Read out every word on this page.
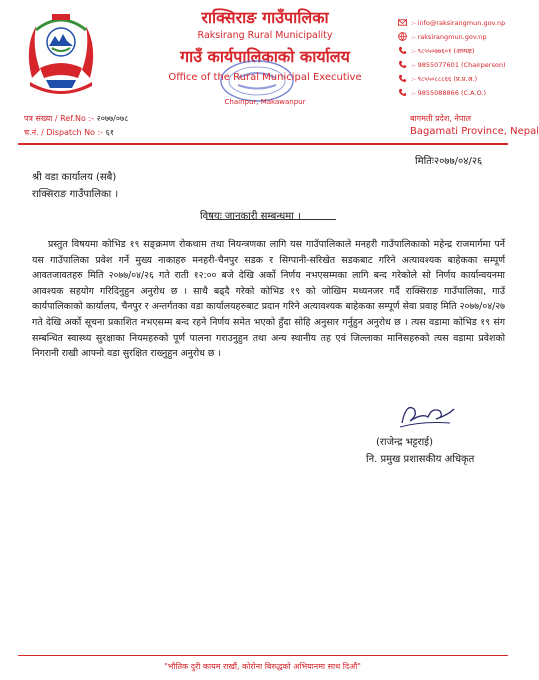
राक्सिराङ गाउँपालिका
Raksirang Rural Municipality
गाउँ कार्यपालिकाको कार्यालय
Office of the Rural Municipal Executive
Chainpur, Makawanpur
:- info@raksirangmun.gov.np
:- raksirangmun.gov.np
:- ९८५५०७७६०१ (अध्यक्ष)
:- 9855077601 (Chairperson)
:- ९८५५०८८८६६ (प्र.प्र.अ.)
:- 9855088866 (C.A.O.)
पत्र संख्या / Ref.No :- २०७७/०७८
च.नं. / Dispatch No :- ६१
बागमती प्रदेश, नेपाल
Bagamati Province, Nepal
मितिः२०७७/०४/२६
श्री वडा कार्यालय (सबै)
राक्सिराङ गाउँपालिका ।
विषयः जानकारी सम्बन्धमा ।
प्रस्तुत विषयमा कोभिड १९ सङ्क्रमण रोकथाम तथा नियन्त्रणका लागि यस गाउँपालिकाले मनहरी गाउँपालिकाको महेन्द्र राजमार्गमा पर्ने यस गाउँपालिका प्रवेश गर्ने मुख्य नाकाहरु मनहरी-चैनपुर सडक र सिग्पानी-सरिखेत सडकबाट गरिने अत्यावश्यक बाहेकका सम्पूर्ण आवतजावतहरु मिति २०७७/०४/२६ गते राती १२:०० बजे देखि अर्को निर्णय नभएसम्मका लागि बन्द गरेकोले सो निर्णय कार्यान्वयनमा आवश्यक सहयोग गरिदिनुहुन अनुरोध छ । साथै बढ्दै गरेको कोभिड १९ को जोखिम मध्यनजर गर्दै राक्सिराङ गाउँपालिका, गाउँ कार्यपालिकाको कार्यालय, चैनपुर र अन्तर्गतका वडा कार्यालयहरुबाट प्रदान गरिने अत्यावश्यक बाहेकका सम्पूर्ण सेवा प्रवाह मिति २०७७/०४/२७ गते देखि अर्को सूचना प्रकाशित नभएसम्म बन्द रहने निर्णय समेत भएको हुँदा सोहि अनुसार गर्नुहुन अनुरोध छ । त्यस वडामा कोभिड १९ संग सम्बन्धित स्वास्थ्य सुरक्षाका नियमहरुको पूर्ण पालना गराउनुहुन तथा अन्य स्थानीय तह एवं जिल्लाका मानिसहरुको त्यस वडामा प्रवेशको निगरानी राखी आफ्नो वडा सुरक्षित राख्नुहुन अनुरोध छ ।
(राजेन्द्र भट्टराई)
नि. प्रमुख प्रशासकीय अधिकृत
"भौतिक दुरी कायम राखौं, कोरोना बिरुद्धको अभियानमा साथ दिऔं"
